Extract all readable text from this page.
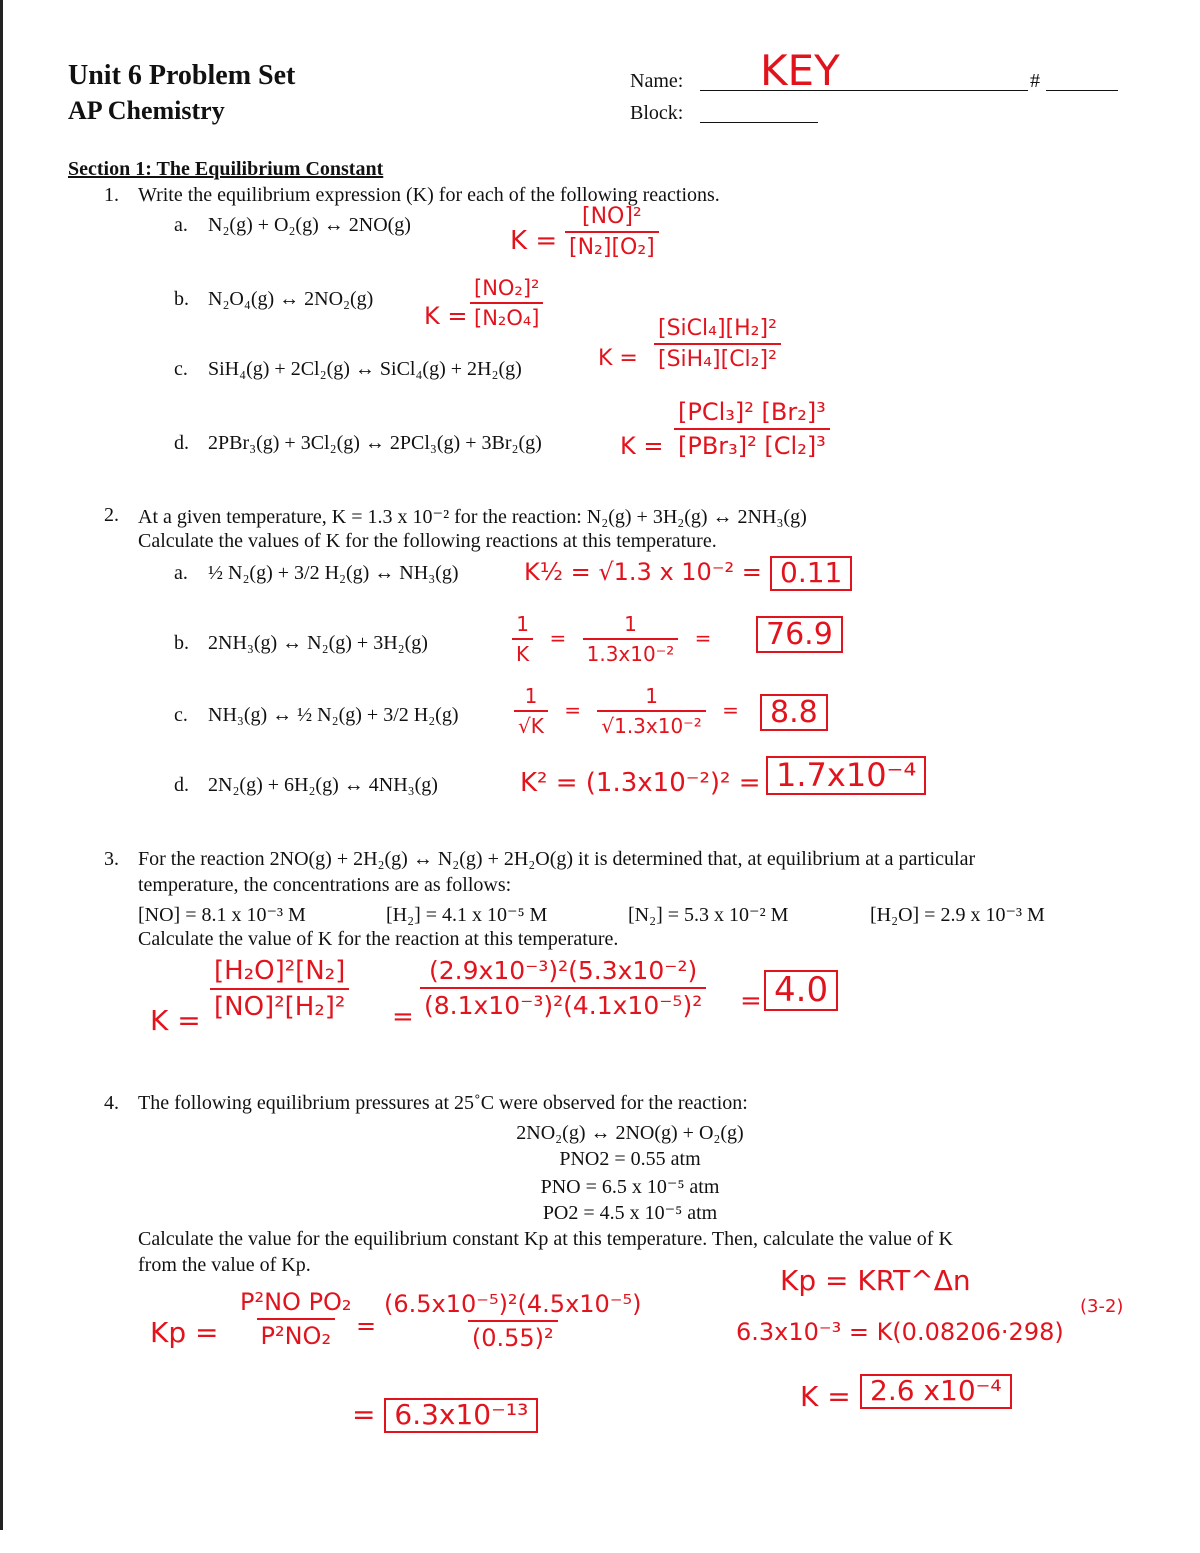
Unit 6 Problem Set
AP Chemistry
Name: KEY	#
Block:
Section 1: The Equilibrium Constant
1. Write the equilibrium expression (K) for each of the following reactions.
a. N₂(g) + O₂(g) ↔ 2NO(g)
$K = \frac{\text{[NO]²}}{\text{[N₂][O₂]}}$
b. N₂O₄(g) ↔ 2NO₂(g)
$K = \frac{\text{[NO₂]²}}{\text{[N₂O₄]}}$
c. SiH₄(g) + 2Cl₂(g) ↔ SiCl₄(g) + 2H₂(g)	$K = \frac{\text{[SiCl₄][H₂]²}}{\text{[SiH₄][Cl₂]²}}$
d. 2PBr₃(g) + 3Cl₂(g) ↔ 2PCl₃(g) + 3Br₂(g)	$K = \frac{\text{[PCl₃]² [Br₂]³}}{\text{[PBr₃]² [Cl₂]³}}$
2. At a given temperature, K = 1.3 x 10⁻² for the reaction: N₂(g) + 3H₂(g) ↔ 2NH₃(g)
Calculate the values of K for the following reactions at this temperature.
a. ½ N₂(g) + 3/2 H₂(g) ↔ NH₃(g)	K½ = √1.3 x 10⁻² = 0.11
b. 2NH₃(g) ↔ N₂(g) + 3H₂(g)	$\frac{1}{K} = \frac{1}{\text{1.3x10⁻²}}$ =	76.9
c. NH₃(g) ↔ ½ N₂(g) + 3/2 H₂(g)	$\frac{1}{√K} = \frac{1}{\text{√1.3x10⁻²}}$ =	8.8
d. 2N₂(g) + 6H₂(g) ↔ 4NH₃(g)	K² = (1.3x10⁻²)² = 1.7x10⁻⁴
3. For the reaction 2NO(g) + 2H₂(g) ↔ N₂(g) + 2H₂O(g) it is determined that, at equilibrium at a particular
temperature, the concentrations are as follows:
[NO] = 8.1 x 10⁻³ M	[H₂] = 4.1 x 10⁻⁵ M	[N₂] = 5.3 x 10⁻² M	[H₂O] = 2.9 x 10⁻³ M
Calculate the value of K for the reaction at this temperature.
$K = \frac{\text{[H₂O]²[N₂]}}{\text{[NO]²[H₂]²}} = \frac{\text{(2.9x10⁻³)²(5.3x10⁻²)}}{\text{(8.1x10⁻³)²(4.1x10⁻⁵)²}} = 4.0$
4. The following equilibrium pressures at 25˚C were observed for the reaction:
2NO₂(g) ↔ 2NO(g) + O₂(g)
PNO2 = 0.55 atm
PNO = 6.5 x 10⁻⁵ atm
PO2 = 4.5 x 10⁻⁵ atm
Calculate the value for the equilibrium constant Kp at this temperature. Then, calculate the value of K
from the value of Kp.
$Kp = \frac{\text{P²NO PO₂}}{\text{P²NO₂}} = \frac{\text{(6.5x10⁻⁵)²(4.5x10⁻⁵)}}{\text{(0.55)²}}$
= 6.3x10⁻¹³
Kp = KRT^Δn
6.3x10⁻³ = K(0.08206·298)
(3-2)
K = 2.6 x10⁻⁴
